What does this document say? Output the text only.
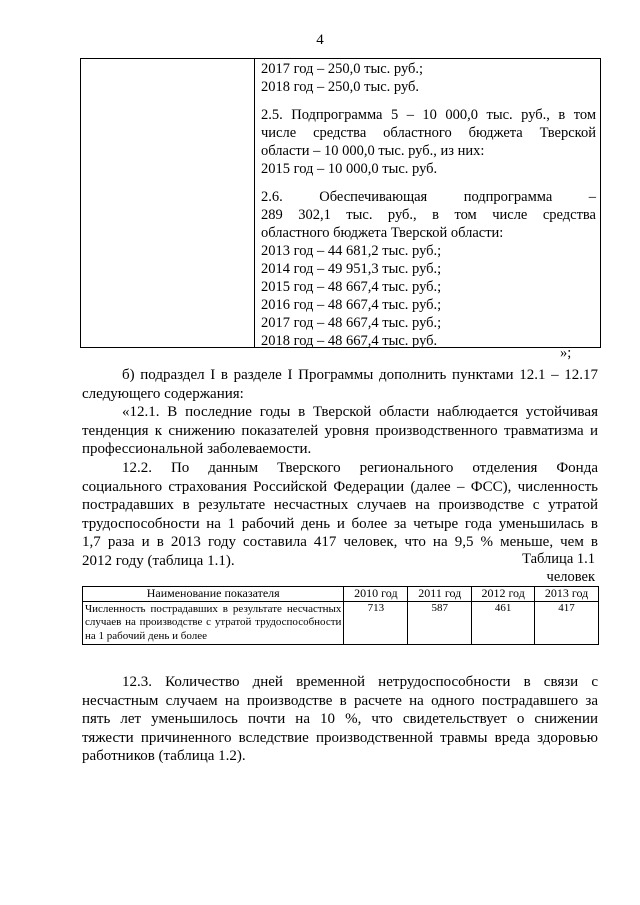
4
2017 год – 250,0 тыс. руб.;
2018 год – 250,0 тыс. руб.
2.5. Подпрограмма 5 – 10 000,0 тыс. руб., в том
числе средства областного бюджета Тверской
области – 10 000,0 тыс. руб., из них:
2015 год – 10 000,0 тыс. руб.
2.6. Обеспечивающая подпрограмма –
289 302,1 тыс. руб., в том числе средства
областного бюджета Тверской области:
2013 год – 44 681,2 тыс. руб.;
2014 год – 49 951,3 тыс. руб.;
2015 год – 48 667,4 тыс. руб.;
2016 год – 48 667,4 тыс. руб.;
2017 год – 48 667,4 тыс. руб.;
2018 год – 48 667,4 тыс. руб.
»;
б) подраздел I в разделе I Программы дополнить пунктами 12.1 – 12.17
следующего содержания:
«12.1. В последние годы в Тверской области наблюдается устойчивая
тенденция к снижению показателей уровня производственного травматизма и
профессиональной заболеваемости.
12.2. По данным Тверского регионального отделения Фонда
социального страхования Российской Федерации (далее – ФСС), численность
пострадавших в результате несчастных случаев на производстве с утратой
трудоспособности на 1 рабочий день и более за четыре года уменьшилась в
1,7 раза и в 2013 году составила 417 человек, что на 9,5 % меньше, чем в
2012 году (таблица 1.1).	Таблица 1.1
человек
Наименование показателя	2010 год	2011 год	2012 год	2013 год
Численность пострадавших в результате несчастных случаев на производстве с утратой трудоспособности на 1 рабочий день и более	713	587	461	417
12.3. Количество дней временной нетрудоспособности в связи с
несчастным случаем на производстве в расчете на одного пострадавшего за
пять лет уменьшилось почти на 10 %, что свидетельствует о снижении
тяжести причиненного вследствие производственной травмы вреда здоровью
работников (таблица 1.2).
